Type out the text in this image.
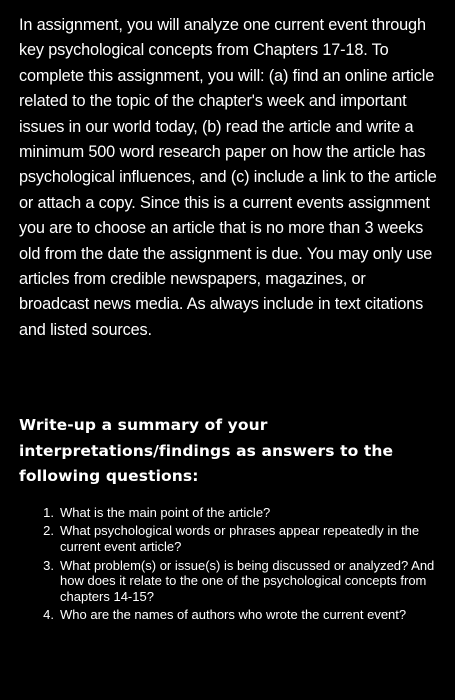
In assignment, you will analyze one current event through key psychological concepts from Chapters 17-18. To complete this assignment, you will: (a) find an online article related to the topic of the chapter's week and important issues in our world today, (b) read the article and write a minimum 500 word research paper on how the article has psychological influences, and (c) include a link to the article or attach a copy. Since this is a current events assignment you are to choose an article that is no more than 3 weeks old from the date the assignment is due. You may only use articles from credible newspapers, magazines, or broadcast news media. As always include in text citations and listed sources.

Write-up a summary of your interpretations/findings as answers to the following questions:
1. What is the main point of the article?
2. What psychological words or phrases appear repeatedly in the current event article?
3. What problem(s) or issue(s) is being discussed or analyzed? And how does it relate to the one of the psychological concepts from chapters 14-15?
4. Who are the names of authors who wrote the current event?
